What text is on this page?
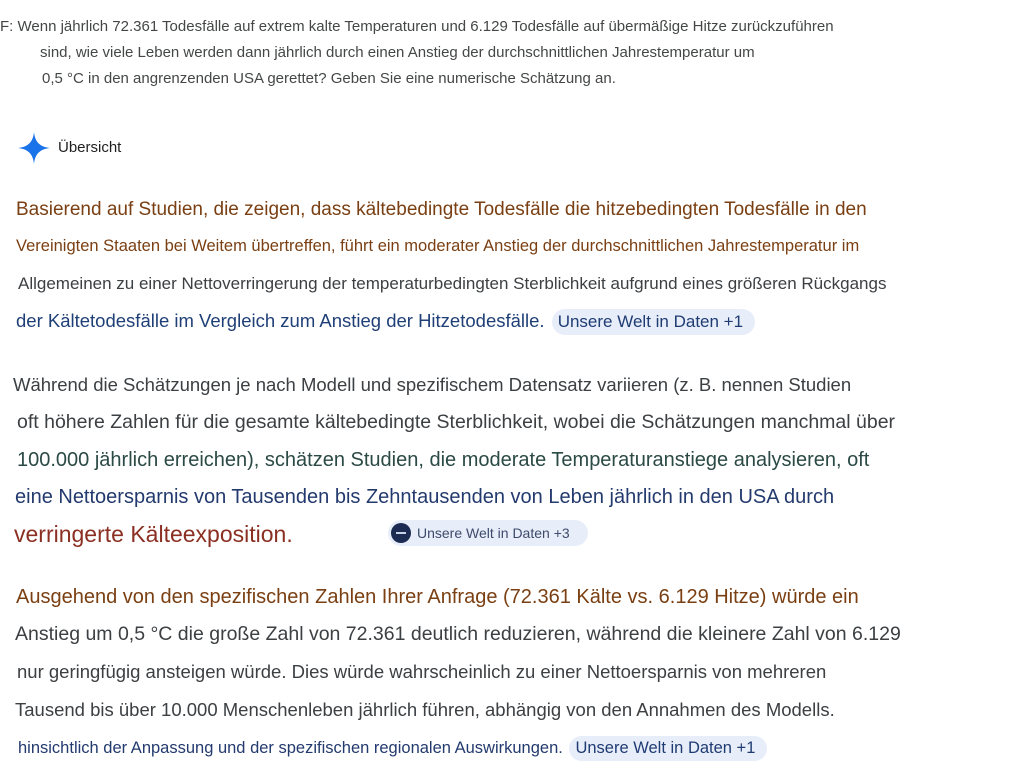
F: Wenn jährlich 72.361 Todesfälle auf extrem kalte Temperaturen und 6.129 Todesfälle auf übermäßige Hitze zurückzuführen
sind, wie viele Leben werden dann jährlich durch einen Anstieg der durchschnittlichen Jahrestemperatur um
0,5 °C in den angrenzenden USA gerettet? Geben Sie eine numerische Schätzung an.
Übersicht
Basierend auf Studien, die zeigen, dass kältebedingte Todesfälle die hitzebedingten Todesfälle in den
Vereinigten Staaten bei Weitem übertreffen, führt ein moderater Anstieg der durchschnittlichen Jahrestemperatur im
Allgemeinen zu einer Nettoverringerung der temperaturbedingten Sterblichkeit aufgrund eines größeren Rückgangs
der Kältetodesfälle im Vergleich zum Anstieg der Hitzetodesfälle. Unsere Welt in Daten +1
Während die Schätzungen je nach Modell und spezifischem Datensatz variieren (z. B. nennen Studien
oft höhere Zahlen für die gesamte kältebedingte Sterblichkeit, wobei die Schätzungen manchmal über
100.000 jährlich erreichen), schätzen Studien, die moderate Temperaturanstiege analysieren, oft
eine Nettoersparnis von Tausenden bis Zehntausenden von Leben jährlich in den USA durch
verringerte Kälteexposition.	Unsere Welt in Daten +3
Ausgehend von den spezifischen Zahlen Ihrer Anfrage (72.361 Kälte vs. 6.129 Hitze) würde ein
Anstieg um 0,5 °C die große Zahl von 72.361 deutlich reduzieren, während die kleinere Zahl von 6.129
nur geringfügig ansteigen würde. Dies würde wahrscheinlich zu einer Nettoersparnis von mehreren
Tausend bis über 10.000 Menschenleben jährlich führen, abhängig von den Annahmen des Modells.
hinsichtlich der Anpassung und der spezifischen regionalen Auswirkungen. Unsere Welt in Daten +1
